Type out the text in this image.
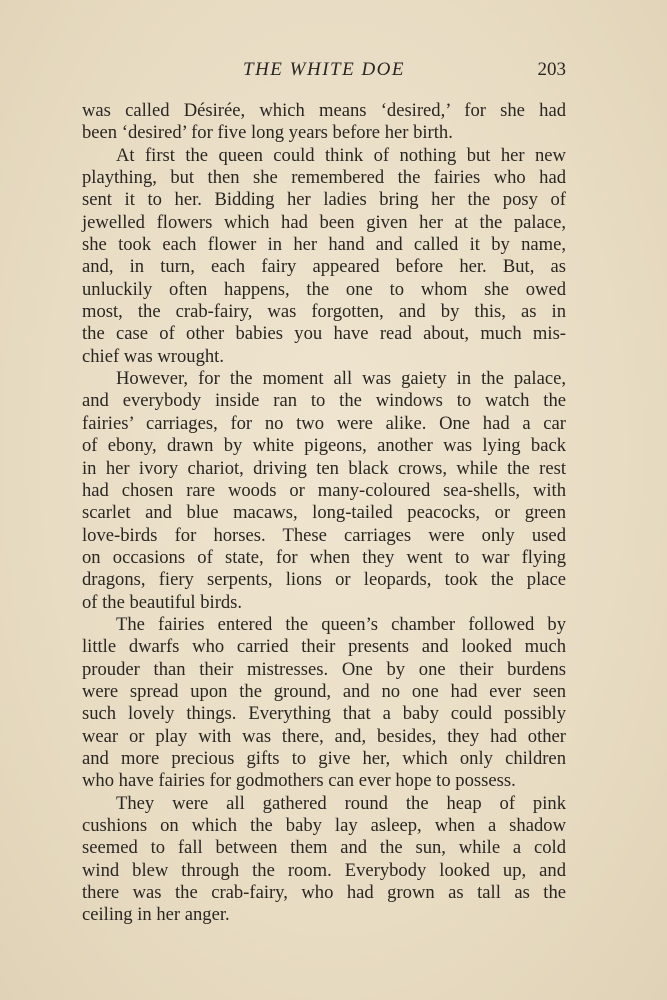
THE WHITE DOE	203
was called Désirée, which means ‘desired,’ for she had
been ‘desired’ for five long years before her birth.
At first the queen could think of nothing but her new
plaything, but then she remembered the fairies who had
sent it to her. Bidding her ladies bring her the posy of
jewelled flowers which had been given her at the palace,
she took each flower in her hand and called it by name,
and, in turn, each fairy appeared before her. But, as
unluckily often happens, the one to whom she owed
most, the crab-fairy, was forgotten, and by this, as in
the case of other babies you have read about, much mis-
chief was wrought.
However, for the moment all was gaiety in the palace,
and everybody inside ran to the windows to watch the
fairies’ carriages, for no two were alike. One had a car
of ebony, drawn by white pigeons, another was lying back
in her ivory chariot, driving ten black crows, while the rest
had chosen rare woods or many-coloured sea-shells, with
scarlet and blue macaws, long-tailed peacocks, or green
love-birds for horses. These carriages were only used
on occasions of state, for when they went to war flying
dragons, fiery serpents, lions or leopards, took the place
of the beautiful birds.
The fairies entered the queen’s chamber followed by
little dwarfs who carried their presents and looked much
prouder than their mistresses. One by one their burdens
were spread upon the ground, and no one had ever seen
such lovely things. Everything that a baby could possibly
wear or play with was there, and, besides, they had other
and more precious gifts to give her, which only children
who have fairies for godmothers can ever hope to possess.
They were all gathered round the heap of pink
cushions on which the baby lay asleep, when a shadow
seemed to fall between them and the sun, while a cold
wind blew through the room. Everybody looked up, and
there was the crab-fairy, who had grown as tall as the
ceiling in her anger.
